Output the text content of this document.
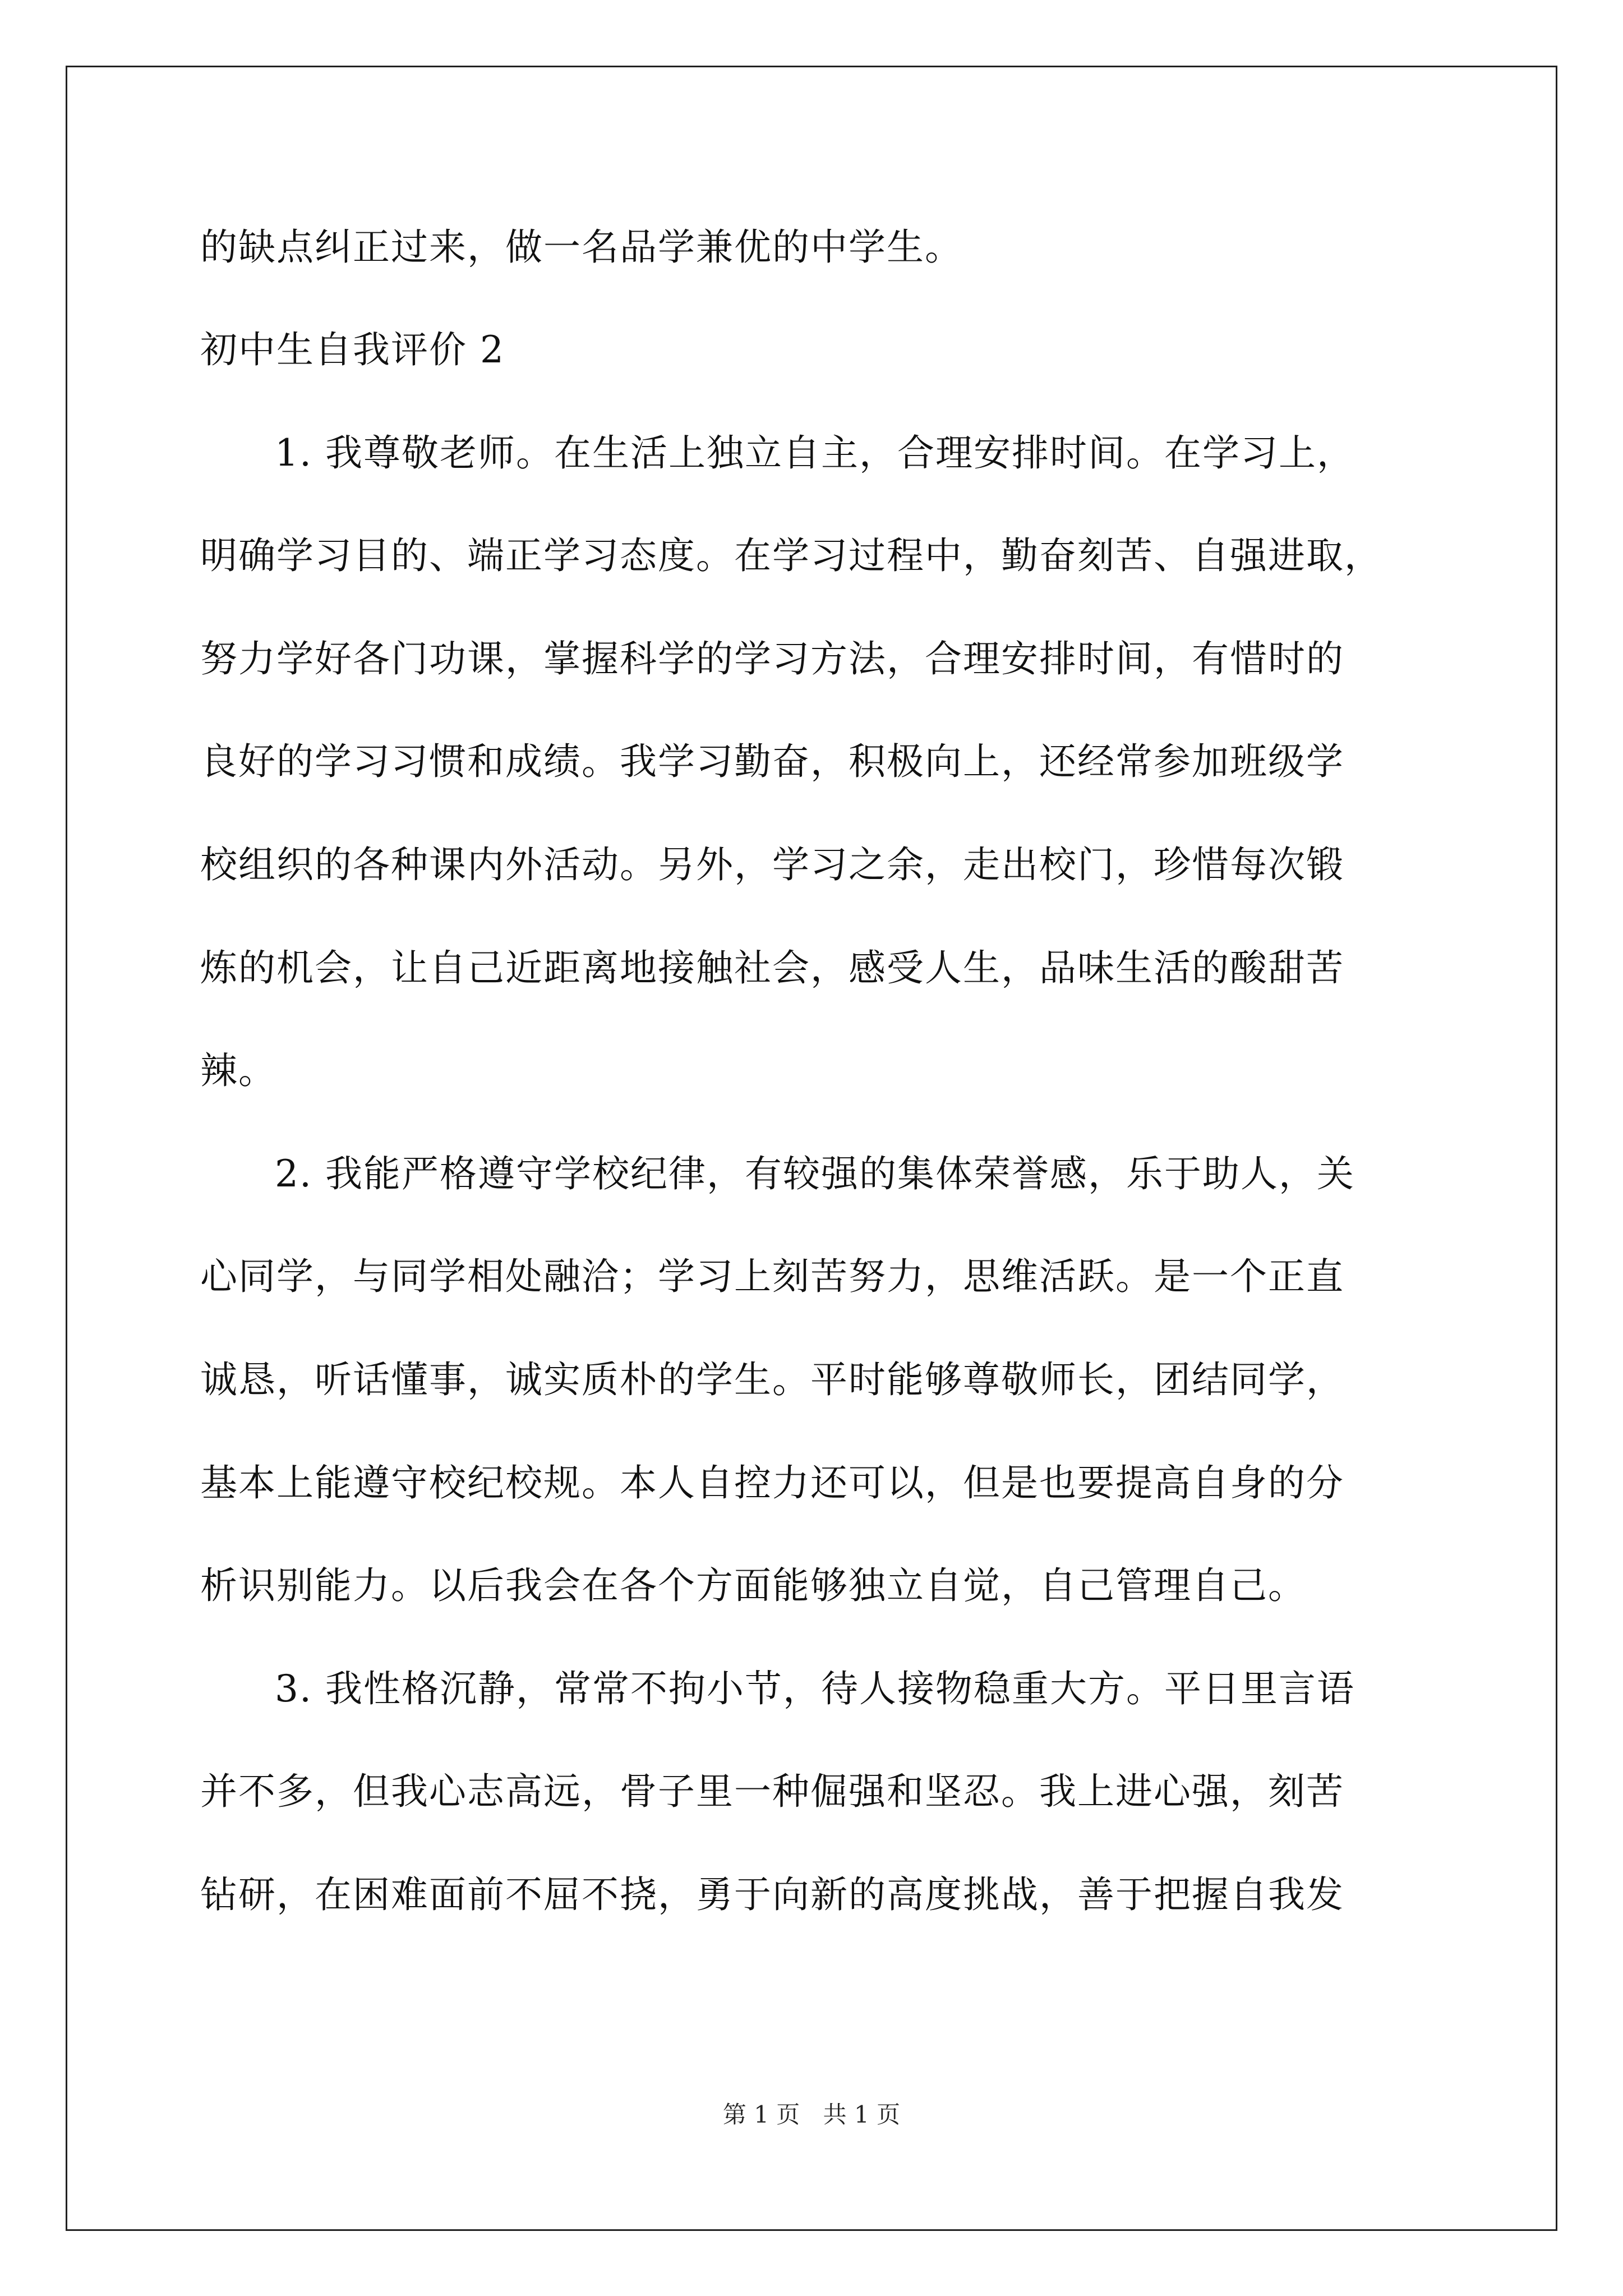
的缺点纠正过来，做一名品学兼优的中学生。
初中生自我评价 2
1. 我尊敬老师。在生活上独立自主，合理安排时间。在学习上，
明确学习目的、端正学习态度。在学习过程中，勤奋刻苦、自强进取，
努力学好各门功课，掌握科学的学习方法，合理安排时间，有惜时的
良好的学习习惯和成绩。我学习勤奋，积极向上，还经常参加班级学
校组织的各种课内外活动。另外，学习之余，走出校门，珍惜每次锻
炼的机会，让自己近距离地接触社会，感受人生，品味生活的酸甜苦
辣。
2. 我能严格遵守学校纪律，有较强的集体荣誉感，乐于助人，关
心同学，与同学相处融洽；学习上刻苦努力，思维活跃。是一个正直
诚恳，听话懂事，诚实质朴的学生。平时能够尊敬师长，团结同学，
基本上能遵守校纪校规。本人自控力还可以，但是也要提高自身的分
析识别能力。以后我会在各个方面能够独立自觉，自己管理自己。
3. 我性格沉静，常常不拘小节，待人接物稳重大方。平日里言语
并不多，但我心志高远，骨子里一种倔强和坚忍。我上进心强，刻苦
钻研，在困难面前不屈不挠，勇于向新的高度挑战，善于把握自我发
第 1 页 共 1 页
